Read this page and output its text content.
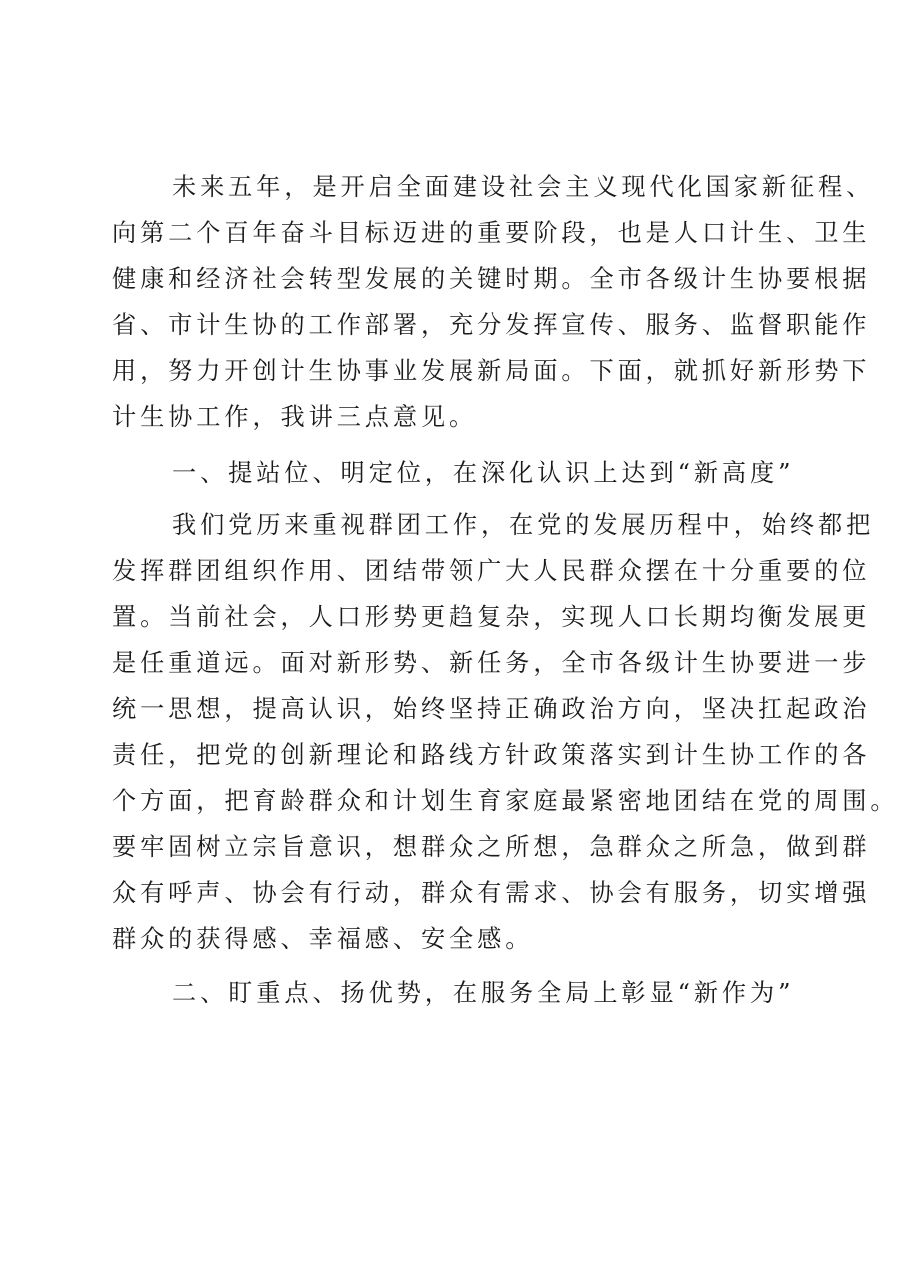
未来五年，是开启全面建设社会主义现代化国家新征程、
向第二个百年奋斗目标迈进的重要阶段，也是人口计生、卫生
健康和经济社会转型发展的关键时期。全市各级计生协要根据
省、市计生协的工作部署，充分发挥宣传、服务、监督职能作
用，努力开创计生协事业发展新局面。下面，就抓好新形势下
计生协工作，我讲三点意见。
一、提站位、明定位，在深化认识上达到“新高度”
我们党历来重视群团工作，在党的发展历程中，始终都把
发挥群团组织作用、团结带领广大人民群众摆在十分重要的位
置。当前社会，人口形势更趋复杂，实现人口长期均衡发展更
是任重道远。面对新形势、新任务，全市各级计生协要进一步
统一思想，提高认识，始终坚持正确政治方向，坚决扛起政治
责任，把党的创新理论和路线方针政策落实到计生协工作的各
个方面，把育龄群众和计划生育家庭最紧密地团结在党的周围。
要牢固树立宗旨意识，想群众之所想，急群众之所急，做到群
众有呼声、协会有行动，群众有需求、协会有服务，切实增强
群众的获得感、幸福感、安全感。
二、盯重点、扬优势，在服务全局上彰显“新作为”
